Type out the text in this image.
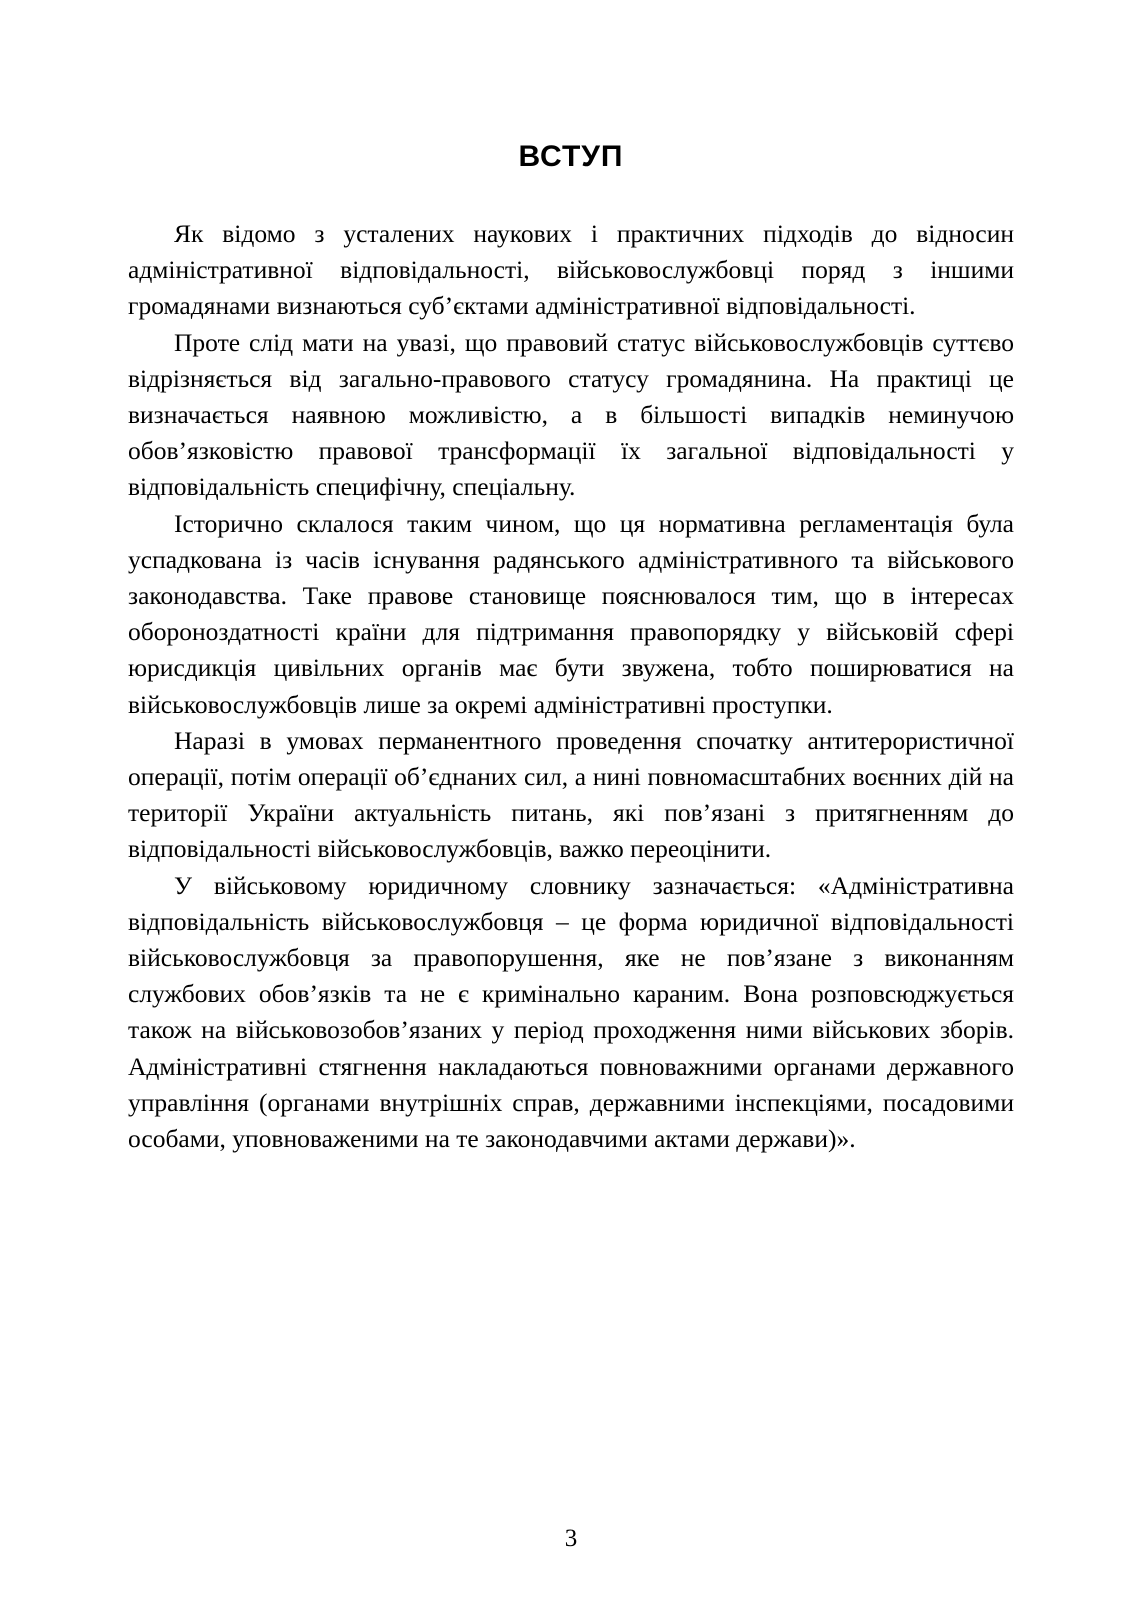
ВСТУП

Як відомо з усталених наукових і практичних підходів до відносин адміністративної відповідальності, військовослужбовці поряд з іншими громадянами визнаються суб’єктами адміністративної відповідальності.

Проте слід мати на увазі, що правовий статус військовослужбовців суттєво відрізняється від загально-правового статусу громадянина. На практиці це визначається наявною можливістю, а в більшості випадків неминучою обов’язковістю правової трансформації їх загальної відповідальності у відповідальність специфічну, спеціальну.

Історично склалося таким чином, що ця нормативна регламентація була успадкована із часів існування радянського адміністративного та військового законодавства. Таке правове становище пояснювалося тим, що в інтересах обороноздатності країни для підтримання правопорядку у військовій сфері юрисдикція цивільних органів має бути звужена, тобто поширюватися на військовослужбовців лише за окремі адміністративні проступки.

Наразі в умовах перманентного проведення спочатку антитерористичної операції, потім операції об’єднаних сил, а нині повномасштабних воєнних дій на території України актуальність питань, які пов’язані з притягненням до відповідальності військовослужбовців, важко переоцінити.

У військовому юридичному словнику зазначається: «Адміністративна відповідальність військовослужбовця – це форма юридичної відповідальності військовослужбовця за правопорушення, яке не пов’язане з виконанням службових обов’язків та не є кримінально караним. Вона розповсюджується також на військовозобов’язаних у період проходження ними військових зборів. Адміністративні стягнення накладаються повноважними органами державного управління (органами внутрішніх справ, державними інспекціями, посадовими особами, уповноваженими на те законодавчими актами держави)».

3
